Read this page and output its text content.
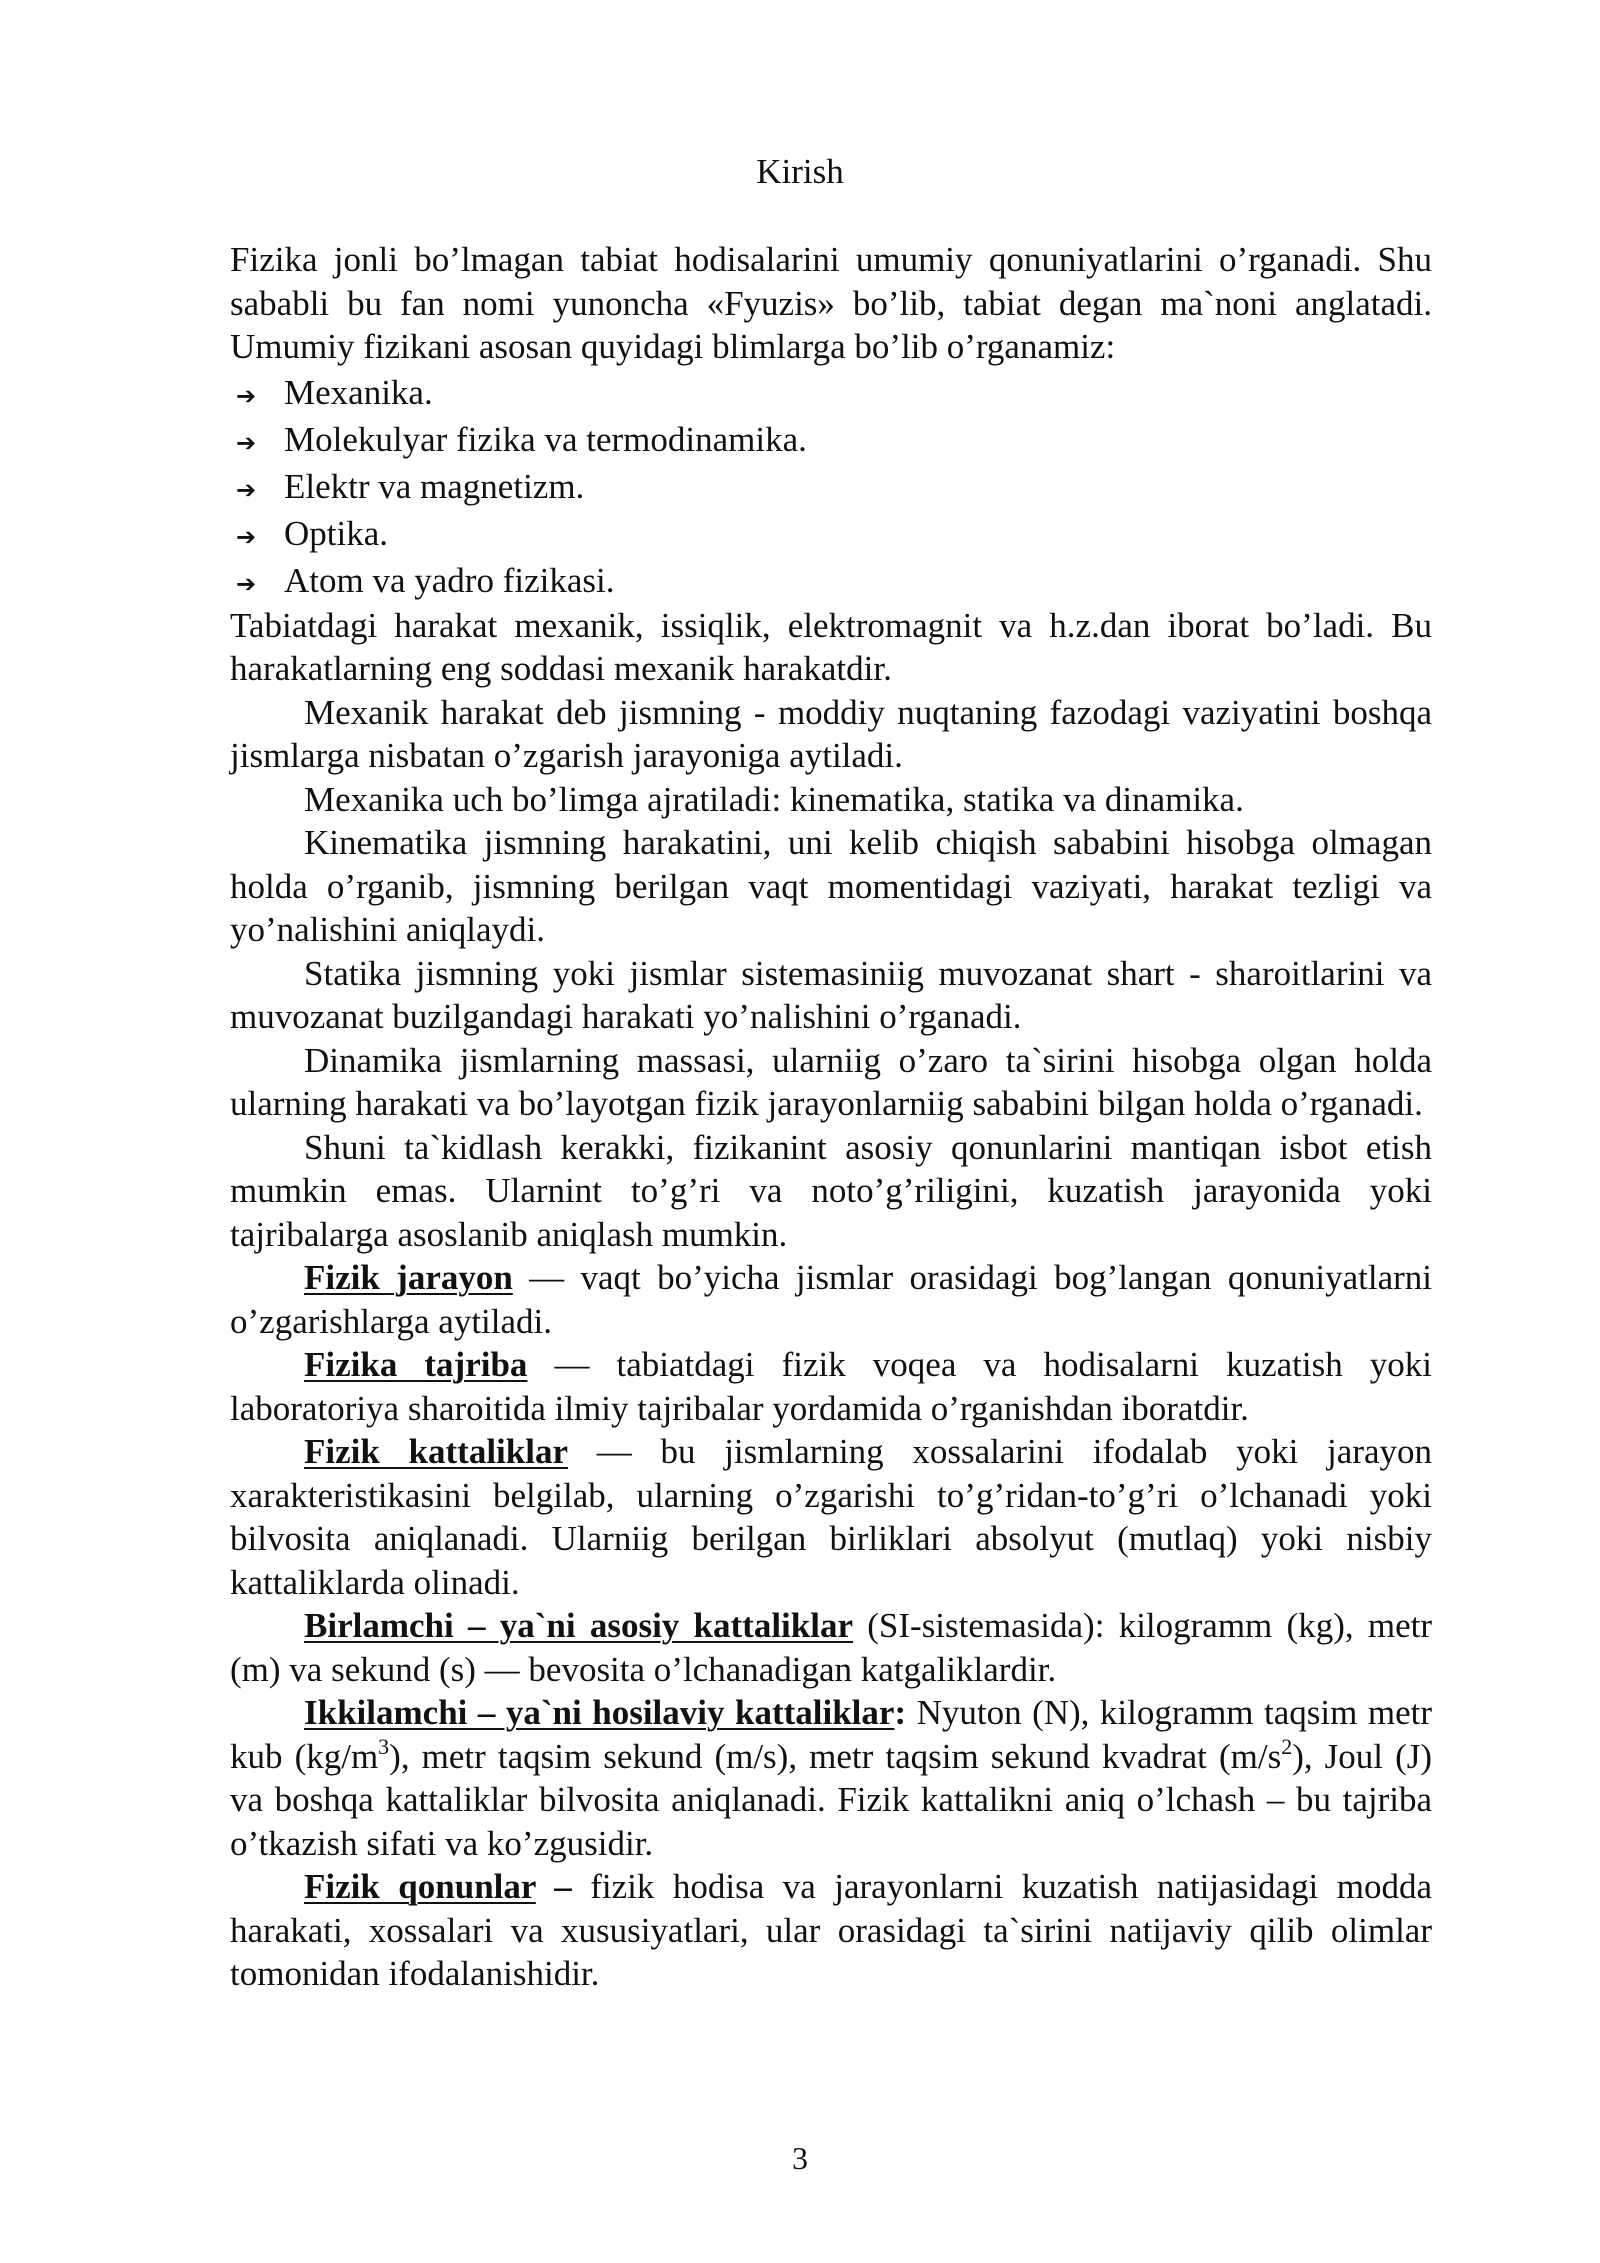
Kirish

Fizika jonli bo’lmagan tabiat hodisalarini umumiy qonuniyatlarini o’rganadi. Shu sababli bu fan nomi yunoncha «Fyuzis» bo’lib, tabiat degan ma`noni anglatadi. Umumiy fizikani asosan quyidagi blimlarga bo’lib o’rganamiz:

➔ Mexanika.
➔ Molekulyar fizika va termodinamika.
➔ Elektr va magnetizm.
➔ Optika.
➔ Atom va yadro fizikasi.

Tabiatdagi harakat mexanik, issiqlik, elektromagnit va h.z.dan iborat bo’ladi. Bu harakatlarning eng soddasi mexanik harakatdir.

Mexanik harakat deb jismning - moddiy nuqtaning fazodagi vaziyatini boshqa jismlarga nisbatan o’zgarish jarayoniga aytiladi.

Mexanika uch bo’limga ajratiladi: kinematika, statika va dinamika.

Kinematika jismning harakatini, uni kelib chiqish sababini hisobga olmagan holda o’rganib, jismning berilgan vaqt momentidagi vaziyati, harakat tezligi va yo’nalishini aniqlaydi.

Statika jismning yoki jismlar sistemasiniig muvozanat shart - sharoitlarini va muvozanat buzilgandagi harakati yo’nalishini o’rganadi.

Dinamika jismlarning massasi, ularniig o’zaro ta`sirini hisobga olgan holda ularning harakati va bo’layotgan fizik jarayonlarniig sababini bilgan holda o’rganadi.

Shuni ta`kidlash kerakki, fizikanint asosiy qonunlarini mantiqan isbot etish mumkin emas. Ularnint to’g’ri va noto’g’riligini, kuzatish jarayonida yoki tajribalarga asoslanib aniqlash mumkin.

Fizik jarayon — vaqt bo’yicha jismlar orasidagi bog’langan qonuniyatlarni o’zgarishlarga aytiladi.

Fizika tajriba — tabiatdagi fizik voqea va hodisalarni kuzatish yoki laboratoriya sharoitida ilmiy tajribalar yordamida o’rganishdan iboratdir.

Fizik kattaliklar — bu jismlarning xossalarini ifodalab yoki jarayon xarakteristikasini belgilab, ularning o’zgarishi to’g’ridan-to’g’ri o’lchanadi yoki bilvosita aniqlanadi. Ularniig berilgan birliklari absolyut (mutlaq) yoki nisbiy kattaliklarda olinadi.

Birlamchi – ya`ni asosiy kattaliklar (SI-sistemasida): kilogramm (kg), metr (m) va sekund (s) — bevosita o’lchanadigan katgaliklardir.

Ikkilamchi – ya`ni hosilaviy kattaliklar: Nyuton (N), kilogramm taqsim metr kub $(kg/m^3)$, metr taqsim sekund (m/s), metr taqsim sekund kvadrat $(m/s^2)$, Joul (J) va boshqa kattaliklar bilvosita aniqlanadi. Fizik kattalikni aniq o’lchash – bu tajriba o’tkazish sifati va ko’zgusidir.

Fizik qonunlar – fizik hodisa va jarayonlarni kuzatish natijasidagi modda harakati, xossalari va xususiyatlari, ular orasidagi ta`sirini natijaviy qilib olimlar tomonidan ifodalanishidir.

3
